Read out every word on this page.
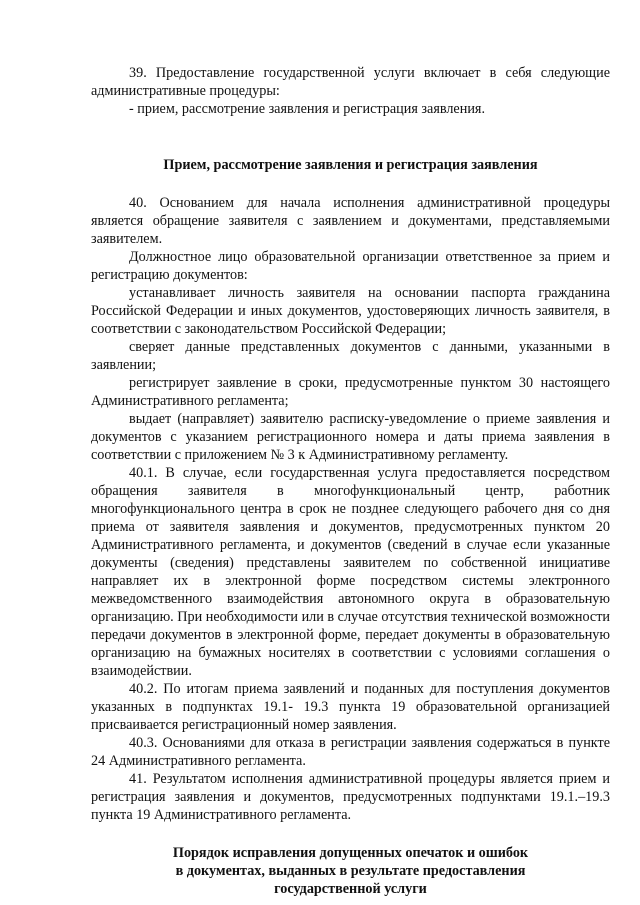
39. Предоставление государственной услуги включает в себя следующие административные процедуры:

- прием, рассмотрение заявления и регистрация заявления.

Прием, рассмотрение заявления и регистрация заявления

40. Основанием для начала исполнения административной процедуры является обращение заявителя с заявлением и документами, представляемыми заявителем.

Должностное лицо образовательной организации ответственное за прием и регистрацию документов:

устанавливает личность заявителя на основании паспорта гражданина Российской Федерации и иных документов, удостоверяющих личность заявителя, в соответствии с законодательством Российской Федерации;

сверяет данные представленных документов с данными, указанными в заявлении;

регистрирует заявление в сроки, предусмотренные пунктом 30 настоящего Административного регламента;

выдает (направляет) заявителю расписку-уведомление о приеме заявления и документов с указанием регистрационного номера и даты приема заявления в соответствии с приложением № 3 к Административному регламенту.

40.1. В случае, если государственная услуга предоставляется посредством обращения заявителя в многофункциональный центр, работник многофункционального центра в срок не позднее следующего рабочего дня со дня приема от заявителя заявления и документов, предусмотренных пунктом 20 Административного регламента, и документов (сведений в случае если указанные документы (сведения) представлены заявителем по собственной инициативе направляет их в электронной форме посредством системы электронного межведомственного взаимодействия автономного округа в образовательную организацию. При необходимости или в случае отсутствия технической возможности передачи документов в электронной форме, передает документы в образовательную организацию на бумажных носителях в соответствии с условиями соглашения о взаимодействии.

40.2. По итогам приема заявлений и поданных для поступления документов указанных в подпунктах 19.1- 19.3 пункта 19 образовательной организацией присваивается регистрационный номер заявления.

40.3. Основаниями для отказа в регистрации заявления содержаться в пункте 24 Административного регламента.

41. Результатом исполнения административной процедуры является прием и регистрация заявления и документов, предусмотренных подпунктами 19.1.–19.3 пункта 19 Административного регламента.

Порядок исправления допущенных опечаток и ошибок

в документах, выданных в результате предоставления

государственной услуги
